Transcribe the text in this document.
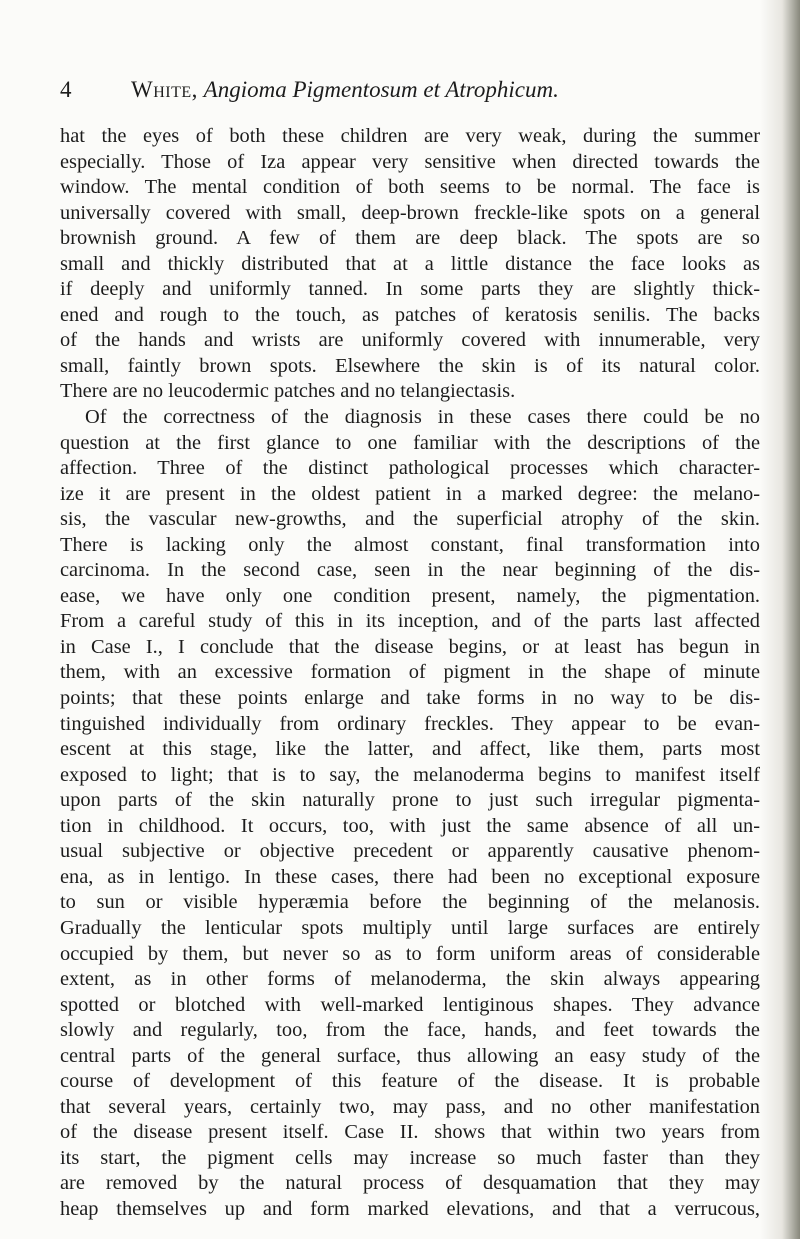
4	White, Angioma Pigmentosum et Atrophicum.
hat the eyes of both these children are very weak, during the summer
especially. Those of Iza appear very sensitive when directed towards the
window. The mental condition of both seems to be normal. The face is
universally covered with small, deep-brown freckle-like spots on a general
brownish ground. A few of them are deep black. The spots are so
small and thickly distributed that at a little distance the face looks as
if deeply and uniformly tanned. In some parts they are slightly thick-
ened and rough to the touch, as patches of keratosis senilis. The backs
of the hands and wrists are uniformly covered with innumerable, very
small, faintly brown spots. Elsewhere the skin is of its natural color.
There are no leucodermic patches and no telangiectasis.
Of the correctness of the diagnosis in these cases there could be no
question at the first glance to one familiar with the descriptions of the
affection. Three of the distinct pathological processes which character-
ize it are present in the oldest patient in a marked degree: the melano-
sis, the vascular new-growths, and the superficial atrophy of the skin.
There is lacking only the almost constant, final transformation into
carcinoma. In the second case, seen in the near beginning of the dis-
ease, we have only one condition present, namely, the pigmentation.
From a careful study of this in its inception, and of the parts last affected
in Case I., I conclude that the disease begins, or at least has begun in
them, with an excessive formation of pigment in the shape of minute
points; that these points enlarge and take forms in no way to be dis-
tinguished individually from ordinary freckles. They appear to be evan-
escent at this stage, like the latter, and affect, like them, parts most
exposed to light; that is to say, the melanoderma begins to manifest itself
upon parts of the skin naturally prone to just such irregular pigmenta-
tion in childhood. It occurs, too, with just the same absence of all un-
usual subjective or objective precedent or apparently causative phenom-
ena, as in lentigo. In these cases, there had been no exceptional exposure
to sun or visible hyperæmia before the beginning of the melanosis.
Gradually the lenticular spots multiply until large surfaces are entirely
occupied by them, but never so as to form uniform areas of considerable
extent, as in other forms of melanoderma, the skin always appearing
spotted or blotched with well-marked lentiginous shapes. They advance
slowly and regularly, too, from the face, hands, and feet towards the
central parts of the general surface, thus allowing an easy study of the
course of development of this feature of the disease. It is probable
that several years, certainly two, may pass, and no other manifestation
of the disease present itself. Case II. shows that within two years from
its start, the pigment cells may increase so much faster than they
are removed by the natural process of desquamation that they may
heap themselves up and form marked elevations, and that a verrucous,
